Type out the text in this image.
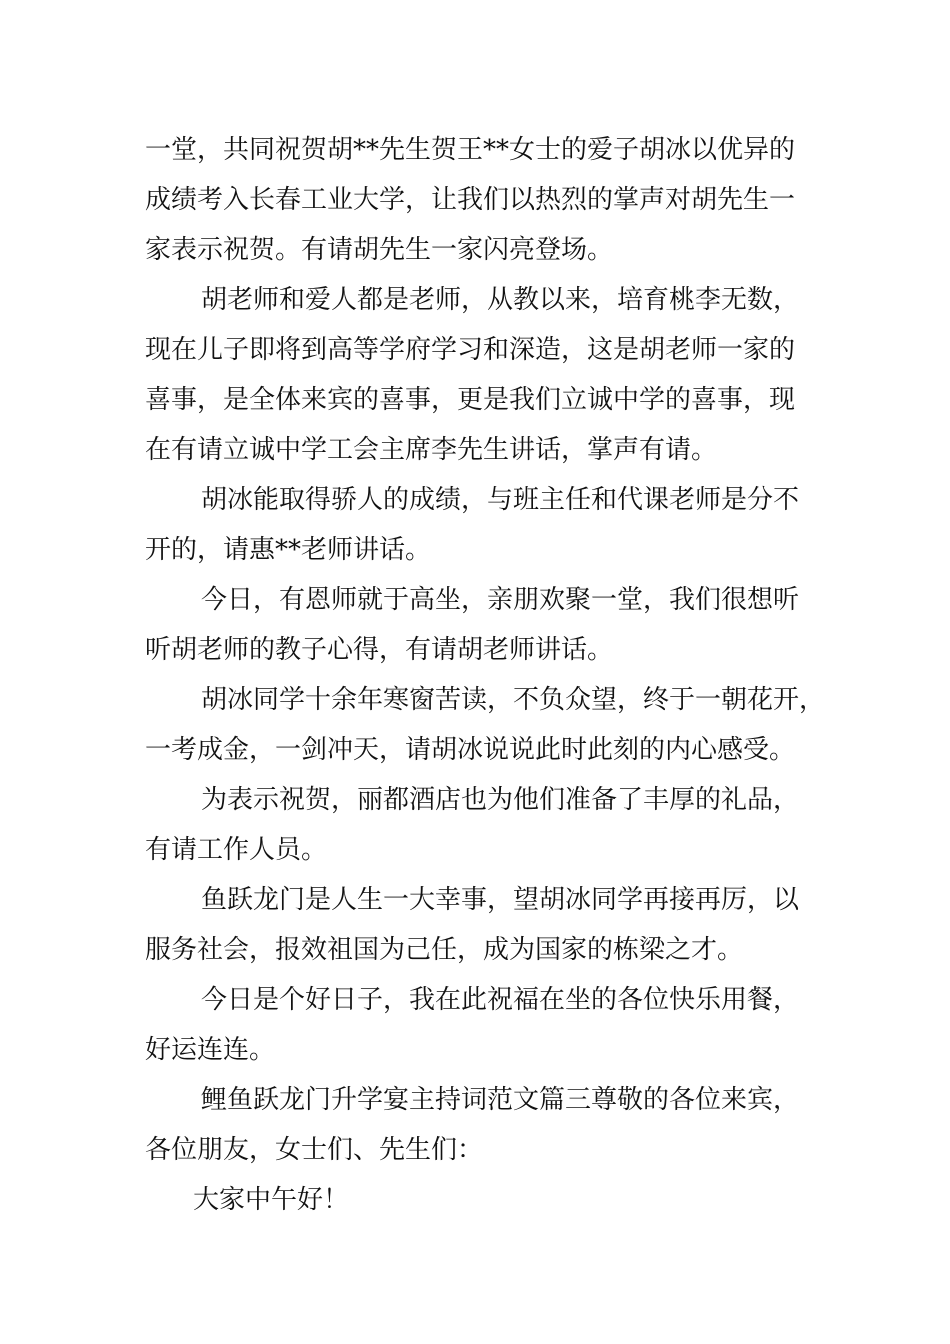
一堂，共同祝贺胡**先生贺王**女士的爱子胡冰以优异的
成绩考入长春工业大学，让我们以热烈的掌声对胡先生一
家表示祝贺。有请胡先生一家闪亮登场。
胡老师和爱人都是老师，从教以来，培育桃李无数，
现在儿子即将到高等学府学习和深造，这是胡老师一家的
喜事，是全体来宾的喜事，更是我们立诚中学的喜事，现
在有请立诚中学工会主席李先生讲话，掌声有请。
胡冰能取得骄人的成绩，与班主任和代课老师是分不
开的，请惠**老师讲话。
今日，有恩师就于高坐，亲朋欢聚一堂，我们很想听
听胡老师的教子心得，有请胡老师讲话。
胡冰同学十余年寒窗苦读，不负众望，终于一朝花开，
一考成金，一剑冲天，请胡冰说说此时此刻的内心感受。
为表示祝贺，丽都酒店也为他们准备了丰厚的礼品，
有请工作人员。
鱼跃龙门是人生一大幸事，望胡冰同学再接再厉，以
服务社会，报效祖国为己任，成为国家的栋梁之才。
今日是个好日子，我在此祝福在坐的各位快乐用餐，
好运连连。
鲤鱼跃龙门升学宴主持词范文篇三尊敬的各位来宾，
各位朋友，女士们、先生们：
大家中午好！
